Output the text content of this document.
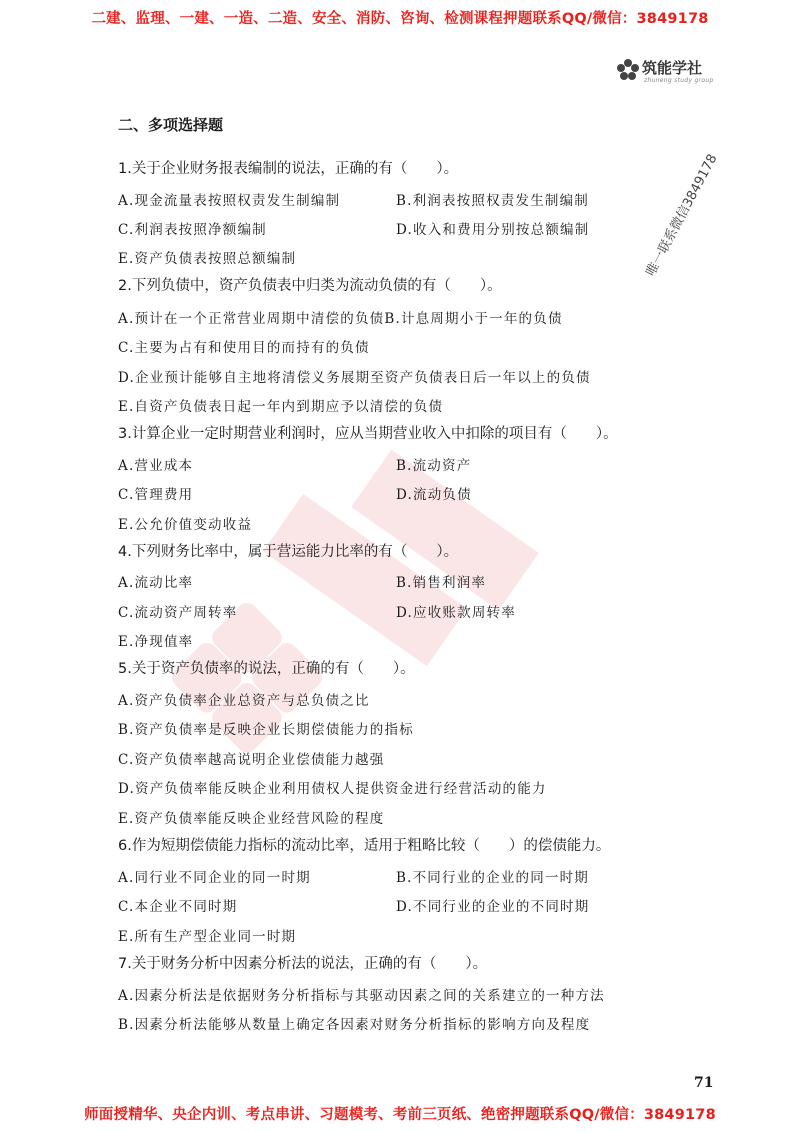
二建、监理、一建、一造、二造、安全、消防、咨询、检测课程押题联系QQ/微信：3849178
筑能学社
zhuneng study group
唯一联系微信3849178
二、多项选择题
1.关于企业财务报表编制的说法，正确的有（　　）。
A.现金流量表按照权责发生制编制	B.利润表按照权责发生制编制
C.利润表按照净额编制	D.收入和费用分别按总额编制
E.资产负债表按照总额编制
2.下列负债中，资产负债表中归类为流动负债的有（　　）。
A.预计在一个正常营业周期中清偿的负债B.计息周期小于一年的负债
C.主要为占有和使用目的而持有的负债
D.企业预计能够自主地将清偿义务展期至资产负债表日后一年以上的负债
E.自资产负债表日起一年内到期应予以清偿的负债
3.计算企业一定时期营业利润时，应从当期营业收入中扣除的项目有（　　）。
A.营业成本	B.流动资产
C.管理费用	D.流动负债
E.公允价值变动收益
4.下列财务比率中，属于营运能力比率的有（　　）。
A.流动比率	B.销售利润率
C.流动资产周转率	D.应收账款周转率
E.净现值率
5.关于资产负债率的说法，正确的有（　　）。
A.资产负债率企业总资产与总负债之比
B.资产负债率是反映企业长期偿债能力的指标
C.资产负债率越高说明企业偿债能力越强
D.资产负债率能反映企业利用债权人提供资金进行经营活动的能力
E.资产负债率能反映企业经营风险的程度
6.作为短期偿债能力指标的流动比率，适用于粗略比较（　　）的偿债能力。
A.同行业不同企业的同一时期	B.不同行业的企业的同一时期
C.本企业不同时期	D.不同行业的企业的不同时期
E.所有生产型企业同一时期
7.关于财务分析中因素分析法的说法，正确的有（　　）。
A.因素分析法是依据财务分析指标与其驱动因素之间的关系建立的一种方法
B.因素分析法能够从数量上确定各因素对财务分析指标的影响方向及程度
71
师面授精华、央企内训、考点串讲、习题模考、考前三页纸、绝密押题联系QQ/微信：3849178
